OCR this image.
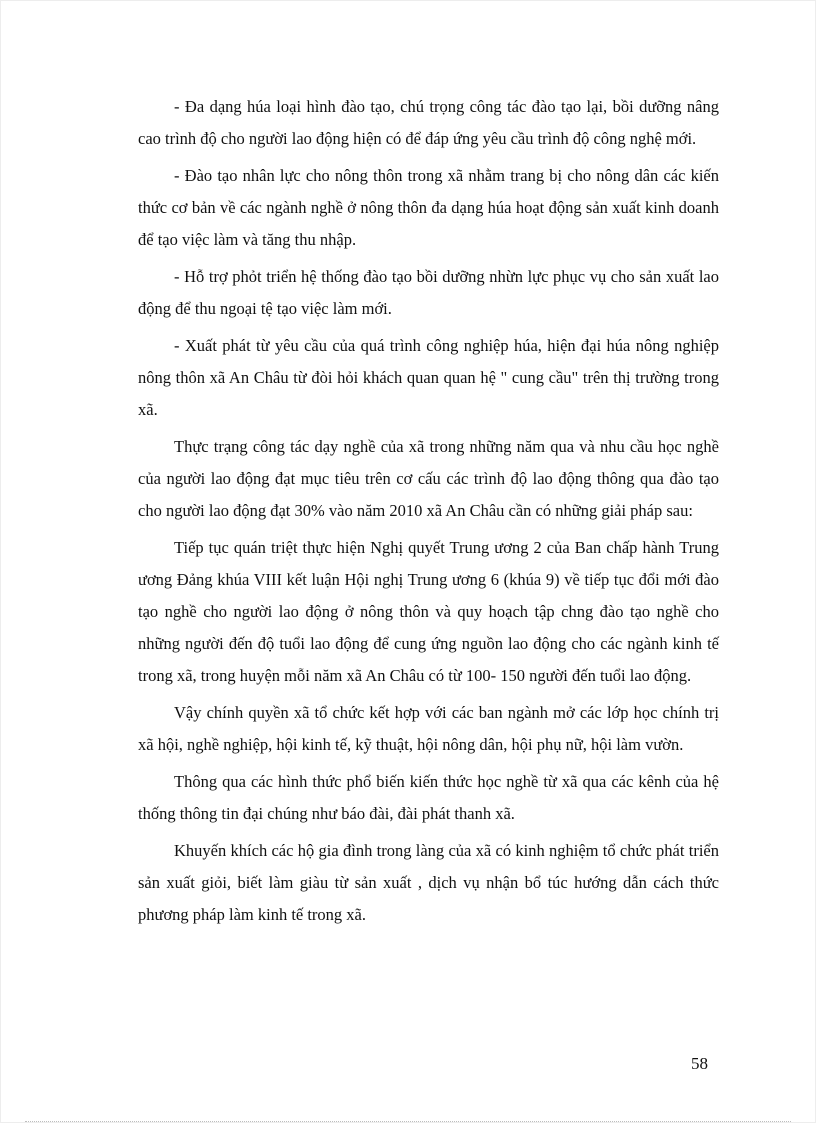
- Đa dạng húa loại hình đào tạo, chú trọng công tác đào tạo lại, bồi dưỡng nâng cao trình độ cho người lao động hiện có để đáp ứng yêu cầu trình độ công nghệ mới.

- Đào tạo nhân lực cho nông thôn trong xã nhằm trang bị cho nông dân các kiến thức cơ bản về các ngành nghề ở nông thôn đa dạng húa hoạt động sản xuất kinh doanh để tạo việc làm và tăng thu nhập.

- Hỗ trợ phỏt triển hệ thống đào tạo bồi dưỡng nhừn lực phục vụ cho sản xuất lao động để thu ngoại tệ tạo việc làm mới.

- Xuất phát từ yêu cầu của quá trình công nghiệp húa, hiện đại húa nông nghiệp nông thôn xã An Châu từ đòi hỏi khách quan quan hệ " cung cầu" trên thị trường trong xã.

Thực trạng công tác dạy nghề của xã trong những năm qua và nhu cầu học nghề của người lao động đạt mục tiêu trên cơ cấu các trình độ lao động thông qua đào tạo cho người lao động đạt 30% vào năm 2010 xã An Châu cần có những giải pháp sau:

Tiếp tục quán triệt thực hiện Nghị quyết Trung ương 2 của Ban chấp hành Trung ương Đảng khúa VIII kết luận Hội nghị Trung ương 6 (khúa 9) về tiếp tục đổi mới đào tạo nghề cho người lao động ở nông thôn và quy hoạch tập chng đào tạo nghề cho những người đến độ tuổi lao động để cung ứng nguồn lao động cho các ngành kinh tế trong xã, trong huyện mỗi năm xã An Châu có từ 100- 150 người đến tuổi lao động.

Vậy chính quyền xã tổ chức kết hợp với các ban ngành mở các lớp học chính trị xã hội, nghề nghiệp, hội kinh tế, kỹ thuật, hội nông dân, hội phụ nữ, hội làm vườn.

Thông qua các hình thức phổ biến kiến thức học nghề từ xã qua các kênh của hệ thống thông tin đại chúng như báo đài, đài phát thanh xã.

Khuyến khích các hộ gia đình trong làng của xã có kinh nghiệm tổ chức phát triển sản xuất giỏi, biết làm giàu từ sản xuất , dịch vụ nhận bổ túc hướng dẫn cách thức phương pháp làm kinh tế trong xã.

58
